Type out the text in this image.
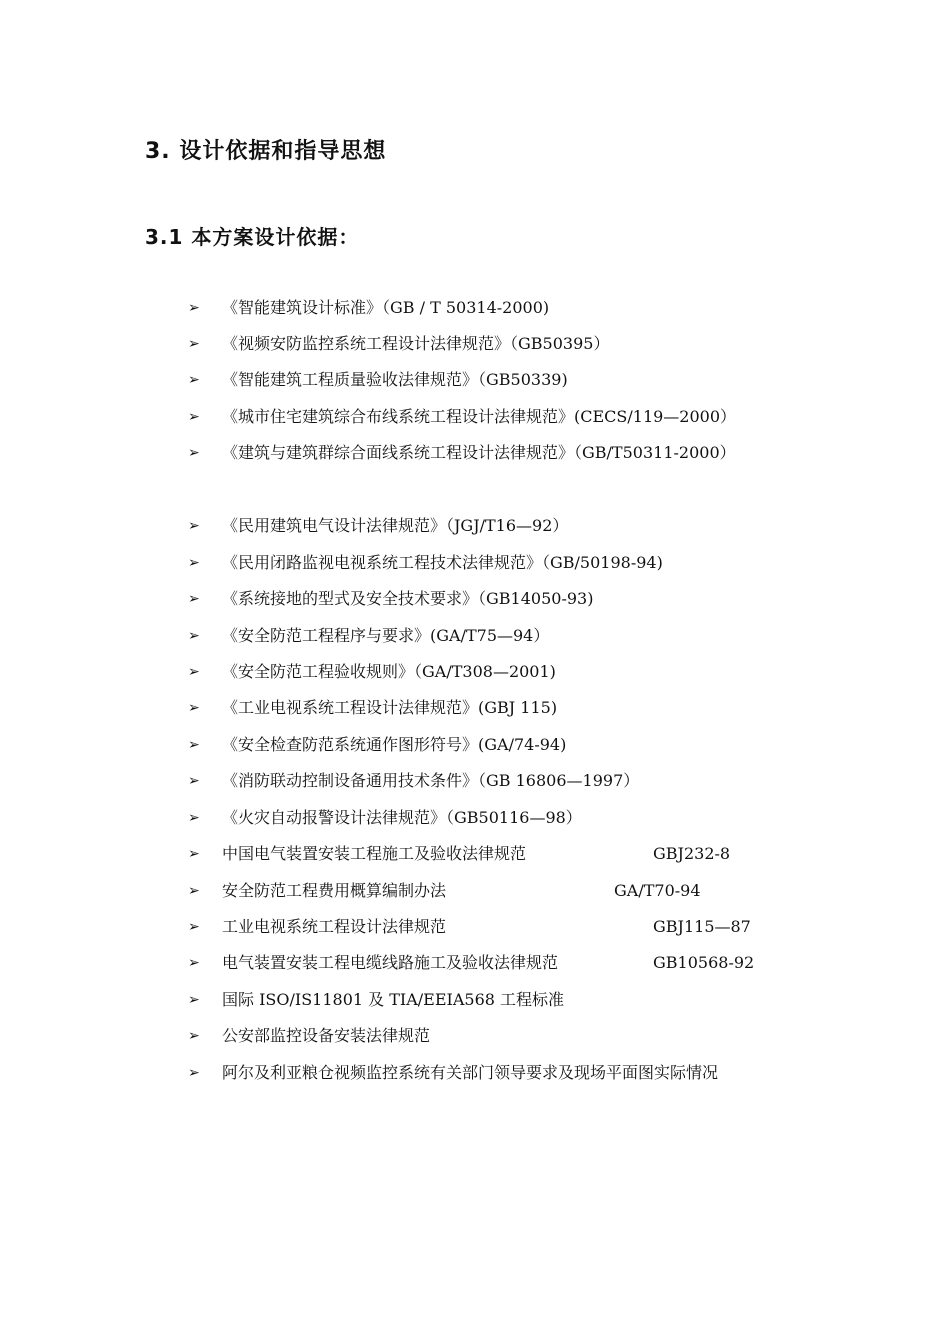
3. 设计依据和指导思想
3.1 本方案设计依据：
➢	《智能建筑设计标准》（GB / T 50314-2000)
➢	《视频安防监控系统工程设计法律规范》（GB50395）
➢	《智能建筑工程质量验收法律规范》（GB50339)
➢	《城市住宅建筑综合布线系统工程设计法律规范》(CECS/119—2000）
➢	《建筑与建筑群综合面线系统工程设计法律规范》（GB/T50311-2000）
➢	《民用建筑电气设计法律规范》（JGJ/T16—92）
➢	《民用闭路监视电视系统工程技术法律规范》（GB/50198-94)
➢	《系统接地的型式及安全技术要求》（GB14050-93)
➢	《安全防范工程程序与要求》(GA/T75—94）
➢	《安全防范工程验收规则》（GA/T308—2001)
➢	《工业电视系统工程设计法律规范》(GBJ 115)
➢	《安全检查防范系统通作图形符号》(GA/74-94)
➢	《消防联动控制设备通用技术条件》（GB 16806—1997）
➢	《火灾自动报警设计法律规范》（GB50116—98）
➢	中国电气装置安装工程施工及验收法律规范	GBJ232-8
➢	安全防范工程费用概算编制办法	GA/T70-94
➢	工业电视系统工程设计法律规范	GBJ115—87
➢	电气装置安装工程电缆线路施工及验收法律规范	GB10568-92
➢	国际 ISO/IS11801 及 TIA/EEIA568 工程标准
➢	公安部监控设备安装法律规范
➢	阿尔及利亚粮仓视频监控系统有关部门领导要求及现场平面图实际情况
